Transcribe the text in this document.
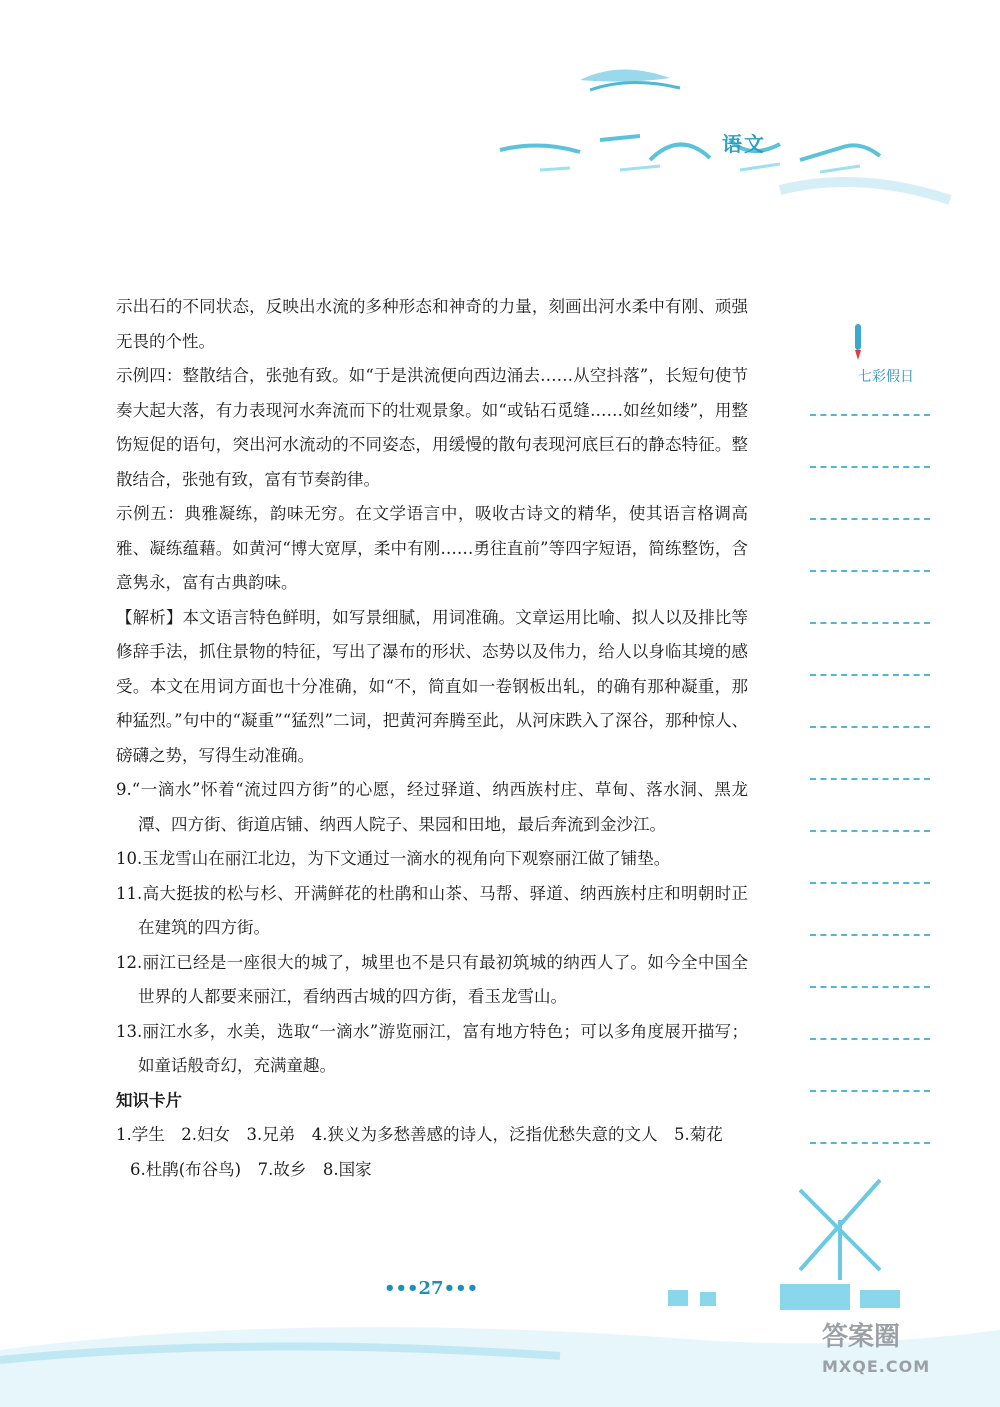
语文
七彩假日

示出石的不同状态，反映出水流的多种形态和神奇的力量，刻画出河水柔中有刚、顽强无畏的个性。

示例四：整散结合，张弛有致。如“于是洪流便向西边涌去……从空抖落”，长短句使节奏大起大落，有力表现河水奔流而下的壮观景象。如“或钻石觅缝……如丝如缕”，用整饬短促的语句，突出河水流动的不同姿态，用缓慢的散句表现河底巨石的静态特征。整散结合，张弛有致，富有节奏韵律。

示例五：典雅凝练，韵味无穷。在文学语言中，吸收古诗文的精华，使其语言格调高雅、凝练蕴藉。如黄河“博大宽厚，柔中有刚……勇往直前”等四字短语，简练整饬，含意隽永，富有古典韵味。

【解析】本文语言特色鲜明，如写景细腻，用词准确。文章运用比喻、拟人以及排比等修辞手法，抓住景物的特征，写出了瀑布的形状、态势以及伟力，给人以身临其境的感受。本文在用词方面也十分准确，如“不，简直如一卷钢板出轧，的确有那种凝重，那种猛烈。”句中的“凝重”“猛烈”二词，把黄河奔腾至此，从河床跌入了深谷，那种惊人、磅礴之势，写得生动准确。

9.“一滴水”怀着“流过四方街”的心愿，经过驿道、纳西族村庄、草甸、落水洞、黑龙潭、四方街、街道店铺、纳西人院子、果园和田地，最后奔流到金沙江。

10.玉龙雪山在丽江北边，为下文通过一滴水的视角向下观察丽江做了铺垫。

11.高大挺拔的松与杉、开满鲜花的杜鹃和山茶、马帮、驿道、纳西族村庄和明朝时正在建筑的四方街。

12.丽江已经是一座很大的城了，城里也不是只有最初筑城的纳西人了。如今全中国全世界的人都要来丽江，看纳西古城的四方街，看玉龙雪山。

13.丽江水多，水美，选取“一滴水”游览丽江，富有地方特色；可以多角度展开描写；如童话般奇幻，充满童趣。

知识卡片

1.学生　2.妇女　3.兄弟　4.狭义为多愁善感的诗人，泛指优愁失意的文人　5.菊花

6.杜鹃(布谷鸟)　7.故乡　8.国家

•••27•••
答案圈
MXQE.COM
